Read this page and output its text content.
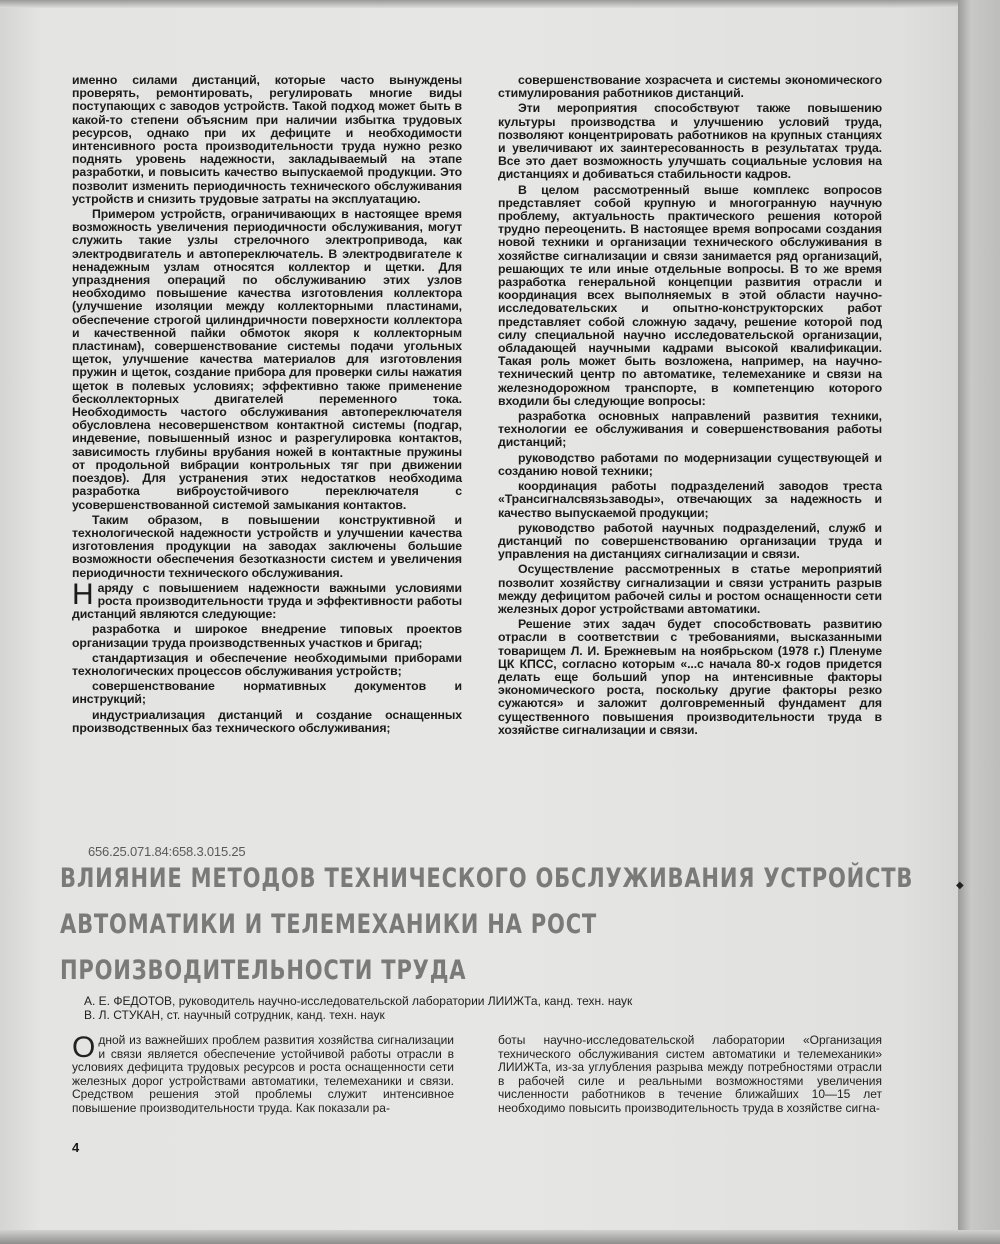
именно силами дистанций, которые часто вынуждены проверять, ремонтировать, регулировать многие виды поступающих с заводов устройств. Такой подход может быть в какой-то степени объясним при наличии избытка трудовых ресурсов, однако при их дефиците и необходимости интенсивного роста производительности труда нужно резко поднять уровень надежности, закладываемый на этапе разработки, и повысить качество выпускаемой продукции. Это позволит изменить периодичность технического обслуживания устройств и снизить трудовые затраты на эксплуатацию.

Примером устройств, ограничивающих в настоящее время возможность увеличения периодичности обслуживания, могут служить такие узлы стрелочного электропривода, как электродвигатель и автопереключатель. В электродвигателе к ненадежным узлам относятся коллектор и щетки. Для упразднения операций по обслуживанию этих узлов необходимо повышение качества изготовления коллектора (улучшение изоляции между коллекторными пластинами, обеспечение строгой цилиндричности поверхности коллектора и качественной пайки обмоток якоря к коллекторным пластинам), совершенствование системы подачи угольных щеток, улучшение качества материалов для изготовления пружин и щеток, создание прибора для проверки силы нажатия щеток в полевых условиях; эффективно также применение бесколлекторных двигателей переменного тока. Необходимость частого обслуживания автопереключателя обусловлена несовершенством контактной системы (подгар, индевение, повышенный износ и разрегулировка контактов, зависимость глубины врубания ножей в контактные пружины от продольной вибрации контрольных тяг при движении поездов). Для устранения этих недостатков необходима разработка виброустойчивого переключателя с усовершенствованной системой замыкания контактов.

Таким образом, в повышении конструктивной и технологической надежности устройств и улучшении качества изготовления продукции на заводах заключены большие возможности обеспечения безотказности систем и увеличения периодичности технического обслуживания.

Наряду с повышением надежности важными условиями роста производительности труда и эффективности работы дистанций являются следующие:

разработка и широкое внедрение типовых проектов организации труда производственных участков и бригад;

стандартизация и обеспечение необходимыми приборами технологических процессов обслуживания устройств;

совершенствование нормативных документов и инструкций;

индустриализация дистанций и создание оснащенных производственных баз технического обслуживания;

совершенствование хозрасчета и системы экономического стимулирования работников дистанций.

Эти мероприятия способствуют также повышению культуры производства и улучшению условий труда, позволяют концентрировать работников на крупных станциях и увеличивают их заинтересованность в результатах труда. Все это дает возможность улучшать социальные условия на дистанциях и добиваться стабильности кадров.

В целом рассмотренный выше комплекс вопросов представляет собой крупную и многогранную научную проблему, актуальность практического решения которой трудно переоценить. В настоящее время вопросами создания новой техники и организации технического обслуживания в хозяйстве сигнализации и связи занимается ряд организаций, решающих те или иные отдельные вопросы. В то же время разработка генеральной концепции развития отрасли и координация всех выполняемых в этой области научно-исследовательских и опытно-конструкторских работ представляет собой сложную задачу, решение которой под силу специальной научно исследовательской организации, обладающей научными кадрами высокой квалификации. Такая роль может быть возложена, например, на научно-технический центр по автоматике, телемеханике и связи на железнодорожном транспорте, в компетенцию которого входили бы следующие вопросы:

разработка основных направлений развития техники, технологии ее обслуживания и совершенствования работы дистанций;

руководство работами по модернизации существующей и созданию новой техники;

координация работы подразделений заводов треста «Трансигналсвязьзаводы», отвечающих за надежность и качество выпускаемой продукции;

руководство работой научных подразделений, служб и дистанций по совершенствованию организации труда и управления на дистанциях сигнализации и связи.

Осуществление рассмотренных в статье мероприятий позволит хозяйству сигнализации и связи устранить разрыв между дефицитом рабочей силы и ростом оснащенности сети железных дорог устройствами автоматики.

Решение этих задач будет способствовать развитию отрасли в соответствии с требованиями, высказанными товарищем Л. И. Брежневым на ноябрьском (1978 г.) Пленуме ЦК КПСС, согласно которым «...с начала 80-х годов придется делать еще больший упор на интенсивные факторы экономического роста, поскольку другие факторы резко сужаются» и заложит долговременный фундамент для существенного повышения производительности труда в хозяйстве сигнализации и связи.

656.25.071.84:658.3.015.25
ВЛИЯНИЕ МЕТОДОВ ТЕХНИЧЕСКОГО ОБСЛУЖИВАНИЯ УСТРОЙСТВ
АВТОМАТИКИ И ТЕЛЕМЕХАНИКИ НА РОСТ
ПРОИЗВОДИТЕЛЬНОСТИ ТРУДА
А. Е. ФЕДОТОВ, руководитель научно-исследовательской лаборатории ЛИИЖТа, канд. техн. наук
В. Л. СТУКАН, ст. научный сотрудник, канд. техн. наук

Одной из важнейших проблем развития хозяйства сигнализации и связи является обеспечение устойчивой работы отрасли в условиях дефицита трудовых ресурсов и роста оснащенности сети железных дорог устройствами автоматики, телемеханики и связи. Средством решения этой проблемы служит интенсивное повышение производительности труда. Как показали ра-

боты научно-исследовательской лаборатории «Организация технического обслуживания систем автоматики и телемеханики» ЛИИЖТа, из-за углубления разрыва между потребностями отрасли в рабочей силе и реальными возможностями увеличения численности работников в течение ближайших 10—15 лет необходимо повысить производительность труда в хозяйстве сигна-

4
◆
